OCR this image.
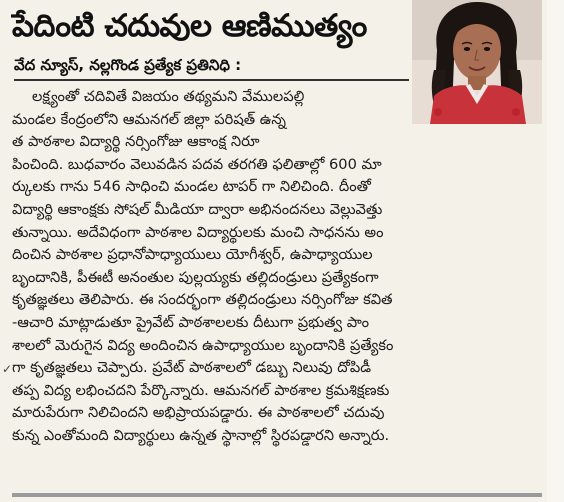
పేదింటి చదువుల ఆణిముత్యం
వేద న్యూస్, నల్లగొండ ప్రత్యేక ప్రతినిధి :
లక్ష్యంతో చదివితే విజయం తథ్యమని వేములపల్లి
మండల కేంద్రంలోని ఆమనగల్ జిల్లా పరిషత్ ఉన్న
త పాఠశాల విద్యార్థి నర్సింగోజు ఆకాంక్ష నిరూ
పించింది. బుధవారం వెలువడిన పదవ తరగతి ఫలితాల్లో 600 మా
ర్కులకు గాను 546 సాధించి మండల టాపర్ గా నిలిచింది. దీంతో
విద్యార్థి ఆకాంక్షకు సోషల్ మీడియా ద్వారా అభినందనలు వెల్లువెత్తు
తున్నాయి. అదేవిధంగా పాఠశాల విద్యార్థులకు మంచి సాధనను అం
దించిన పాఠశాల ప్రధానోపాధ్యాయులు యోగీశ్వర్, ఉపాధ్యాయుల
బృందానికి, పీఈటీ అనంతుల పుల్లయ్యకు తల్లిదండ్రులు ప్రత్యేకంగా
కృతజ్ఞతలు తెలిపారు. ఈ సందర్భంగా తల్లిదండ్రులు నర్సింగోజు కవిత
-ఆచారి మాట్లాడుతూ ప్రైవేట్ పాఠశాలలకు దీటుగా ప్రభుత్వ పాం
శాలలో మెరుగైన విద్య అందించిన ఉపాధ్యాయుల బృందానికి ప్రత్యేకం
గా కృతజ్ఞతలు చెప్పారు. ప్రవేట్ పాఠశాలలో డబ్బు నిలువు దోపిడీ
తప్ప విద్య లభించదని పేర్కొన్నారు. ఆమనగల్ పాఠశాల క్రమశిక్షణకు
మారుపేరుగా నిలిచిందని అభిప్రాయపడ్డారు. ఈ పాఠశాలలో చదువు
కున్న ఎంతోమంది విద్యార్థులు ఉన్నత స్థానాల్లో స్థిరపడ్డారని అన్నారు.
✓
